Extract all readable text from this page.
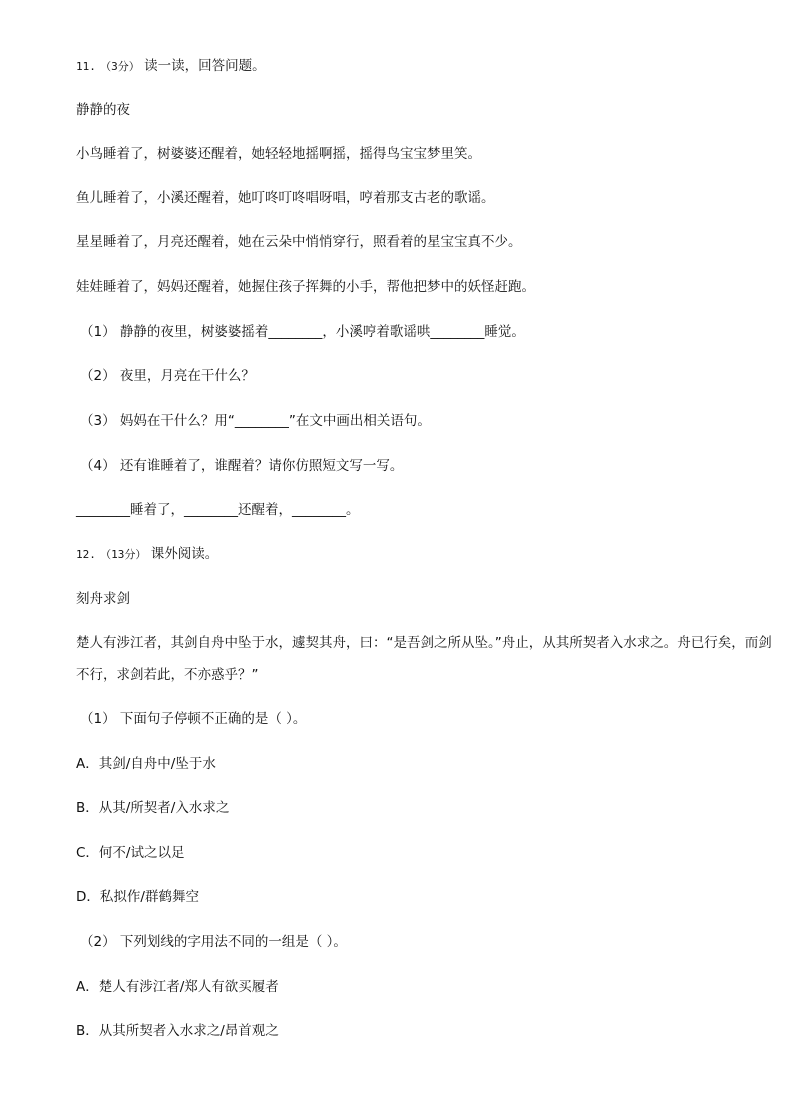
11. （3分） 读一读，回答问题。
静静的夜
小鸟睡着了，树婆婆还醒着，她轻轻地摇啊摇，摇得鸟宝宝梦里笑。
鱼儿睡着了，小溪还醒着，她叮咚叮咚唱呀唱，哼着那支古老的歌谣。
星星睡着了，月亮还醒着，她在云朵中悄悄穿行，照看着的星宝宝真不少。
娃娃睡着了，妈妈还醒着，她握住孩子挥舞的小手，帮他把梦中的妖怪赶跑。
（1） 静静的夜里，树婆婆摇着________，小溪哼着歌谣哄________睡觉。
（2） 夜里，月亮在干什么？
（3） 妈妈在干什么？用“________”在文中画出相关语句。
（4） 还有谁睡着了，谁醒着？请你仿照短文写一写。
________睡着了，________还醒着，________。
12. （13分） 课外阅读。
刻舟求剑
楚人有涉江者，其剑自舟中坠于水，遽契其舟，曰：“是吾剑之所从坠。”舟止，从其所契者入水求之。舟已行矣，而剑不行，求剑若此，不亦惑乎？”
（1） 下面句子停顿不正确的是（ ）。
A．其剑/自舟中/坠于水
B．从其/所契者/入水求之
C．何不/试之以足
D．私拟作/群鹤舞空
（2） 下列划线的字用法不同的一组是（ ）。
A．楚人有涉江者/郑人有欲买履者
B．从其所契者入水求之/昂首观之
